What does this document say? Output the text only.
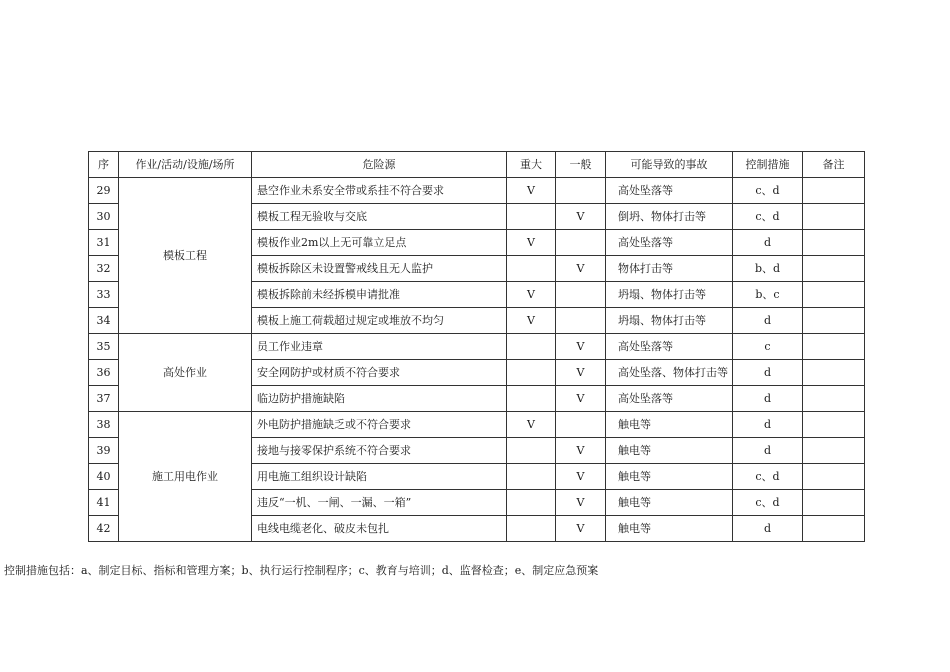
序	作业/活动/设施/场所	危险源	重大	一般	可能导致的事故	控制措施	备注
29	模板工程	悬空作业未系安全带或系挂不符合要求	V		高处坠落等	c、d	
30		模板工程无验收与交底		V	倒坍、物体打击等	c、d	
31		模板作业2m以上无可靠立足点	V		高处坠落等	d	
32		模板拆除区未设置警戒线且无人监护		V	物体打击等	b、d	
33		模板拆除前未经拆模申请批准	V		坍塌、物体打击等	b、c	
34		模板上施工荷载超过规定或堆放不均匀	V		坍塌、物体打击等	d	
35	高处作业	员工作业违章		V	高处坠落等	c	
36		安全网防护或材质不符合要求		V	高处坠落、物体打击等	d	
37		临边防护措施缺陷		V	高处坠落等	d	
38	施工用电作业	外电防护措施缺乏或不符合要求	V		触电等	d	
39		接地与接零保护系统不符合要求		V	触电等	d	
40		用电施工组织设计缺陷		V	触电等	c、d	
41		违反“一机、一闸、一漏、一箱”		V	触电等	c、d	
42		电线电缆老化、破皮未包扎		V	触电等	d	
控制措施包括：a、制定目标、指标和管理方案；b、执行运行控制程序；c、教育与培训；d、监督检查；e、制定应急预案
